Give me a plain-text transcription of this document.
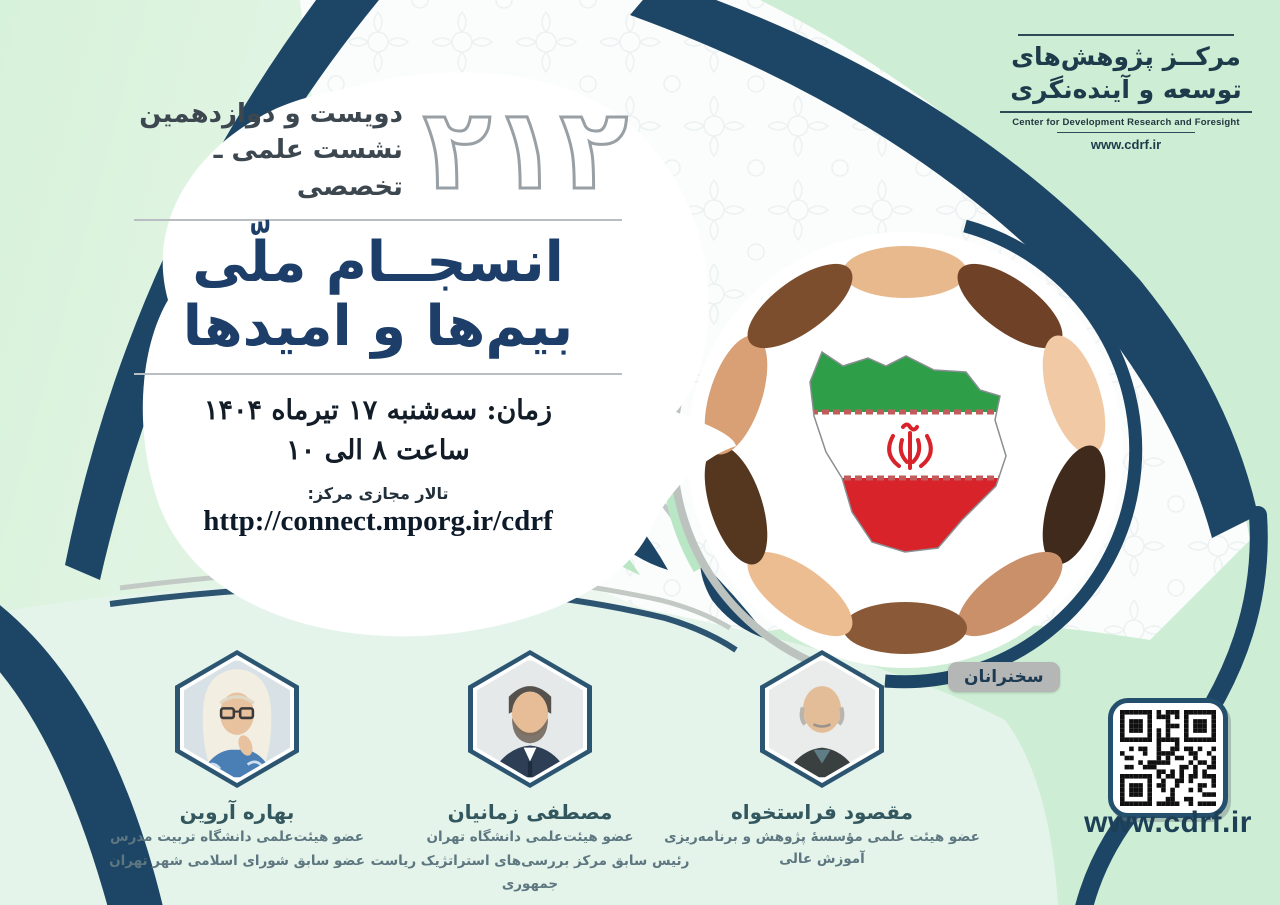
مرکــز پژوهش‌های
توسعه و آینده‌نگری
Center for Development Research and Foresight
www.cdrf.ir
۲۱۲
دویست و دوازدهمین
نشست علمی ـ تخصصی
انسجــام ملّی
بیم‌ها و امیدها
زمان: سه‌شنبه ۱۷ تیرماه ۱۴۰۴
ساعت ۸ الی ۱۰
تالار مجازی مرکز:
http://connect.mporg.ir/cdrf
سخنرانان
بهاره آروین
عضو هیئت‌علمی دانشگاه تربیت مدرس
عضو سابق شورای اسلامی شهر تهران
مصطفی زمانیان
عضو هیئت‌علمی دانشگاه تهران
رئیس سابق مرکز بررسی‌های استراتژیک ریاست جمهوری
مقصود فراستخواه
عضو هیئت علمی مؤسسهٔ پژوهش و برنامه‌ریزی آموزش عالی
www.cdrf.ir
